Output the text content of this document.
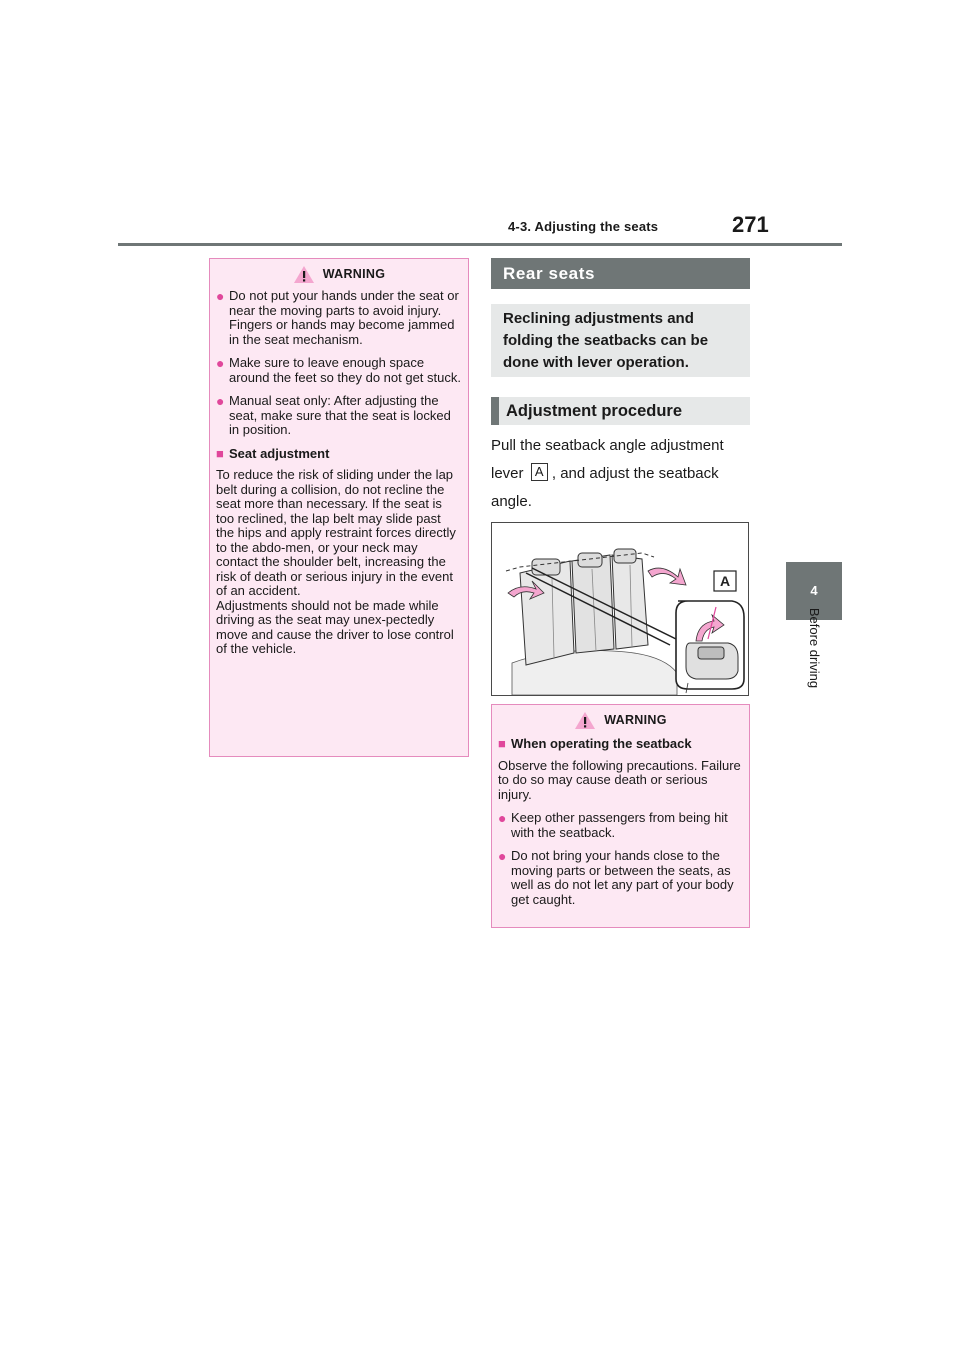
4-3. Adjusting the seats	271
4
Before driving
WARNING
● Do not put your hands under the seat or near the moving parts to avoid injury.
Fingers or hands may become jammed in the seat mechanism.
● Make sure to leave enough space around the feet so they do not get stuck.
● Manual seat only: After adjusting the seat, make sure that the seat is locked in position.
■ Seat adjustment

To reduce the risk of sliding under the lap belt during a collision, do not recline the seat more than necessary. If the seat is too reclined, the lap belt may slide past the hips and apply restraint forces directly to the abdo-men, or your neck may contact the shoulder belt, increasing the risk of death or serious injury in the event of an accident.
Adjustments should not be made while driving as the seat may unex-pectedly move and cause the driver to lose control of the vehicle.

Rear seats
Reclining adjustments and folding the seatbacks can be done with lever operation.
Adjustment procedure
Pull the seatback angle adjustment lever A , and adjust the seatback angle.
A
WARNING
■ When operating the seatback

Observe the following precautions. Failure to do so may cause death or serious injury.

● Keep other passengers from being hit with the seatback.
● Do not bring your hands close to the moving parts or between the seats, as well as do not let any part of your body get caught.
